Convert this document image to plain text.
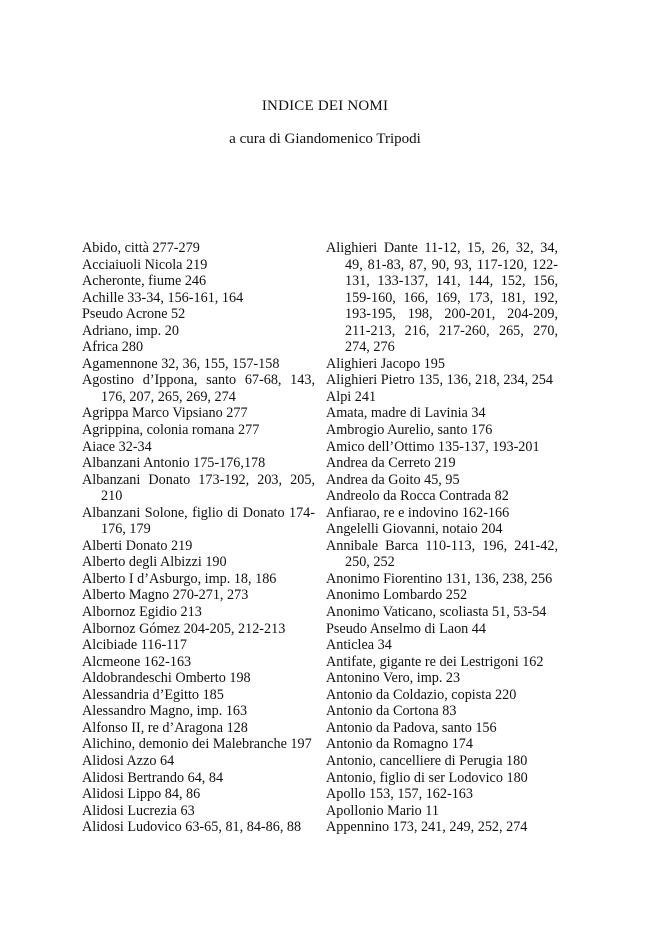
INDICE DEI NOMI
a cura di Giandomenico Tripodi
Abido, città 277-279
Acciaiuoli Nicola 219
Acheronte, fiume 246
Achille 33-34, 156-161, 164
Pseudo Acrone 52
Adriano, imp. 20
Africa 280
Agamennone 32, 36, 155, 157-158
Agostino d’Ippona, santo 67-68, 143, 176, 207, 265, 269, 274
Agrippa Marco Vipsiano 277
Agrippina, colonia romana 277
Aiace 32-34
Albanzani Antonio 175-176,178
Albanzani Donato 173-192, 203, 205, 210
Albanzani Solone, figlio di Donato 174-176, 179
Alberti Donato 219
Alberto degli Albizzi 190
Alberto I d’Asburgo, imp. 18, 186
Alberto Magno 270-271, 273
Albornoz Egidio 213
Albornoz Gómez 204-205, 212-213
Alcibiade 116-117
Alcmeone 162-163
Aldobrandeschi Omberto 198
Alessandria d’Egitto 185
Alessandro Magno, imp. 163
Alfonso II, re d’Aragona 128
Alichino, demonio dei Malebranche 197
Alidosi Azzo 64
Alidosi Bertrando 64, 84
Alidosi Lippo 84, 86
Alidosi Lucrezia 63
Alidosi Ludovico 63-65, 81, 84-86, 88
Alighieri Dante 11-12, 15, 26, 32, 34, 49, 81-83, 87, 90, 93, 117-120, 122-131, 133-137, 141, 144, 152, 156, 159-160, 166, 169, 173, 181, 192, 193-195, 198, 200-201, 204-209, 211-213, 216, 217-260, 265, 270, 274, 276
Alighieri Jacopo 195
Alighieri Pietro 135, 136, 218, 234, 254
Alpi 241
Amata, madre di Lavinia 34
Ambrogio Aurelio, santo 176
Amico dell’Ottimo 135-137, 193-201
Andrea da Cerreto 219
Andrea da Goito 45, 95
Andreolo da Rocca Contrada 82
Anfiarao, re e indovino 162-166
Angelelli Giovanni, notaio 204
Annibale Barca 110-113, 196, 241-42, 250, 252
Anonimo Fiorentino 131, 136, 238, 256
Anonimo Lombardo 252
Anonimo Vaticano, scoliasta 51, 53-54
Pseudo Anselmo di Laon 44
Anticlea 34
Antifate, gigante re dei Lestrigoni 162
Antonino Vero, imp. 23
Antonio da Coldazio, copista 220
Antonio da Cortona 83
Antonio da Padova, santo 156
Antonio da Romagno 174
Antonio, cancelliere di Perugia 180
Antonio, figlio di ser Lodovico 180
Apollo 153, 157, 162-163
Apollonio Mario 11
Appennino 173, 241, 249, 252, 274
